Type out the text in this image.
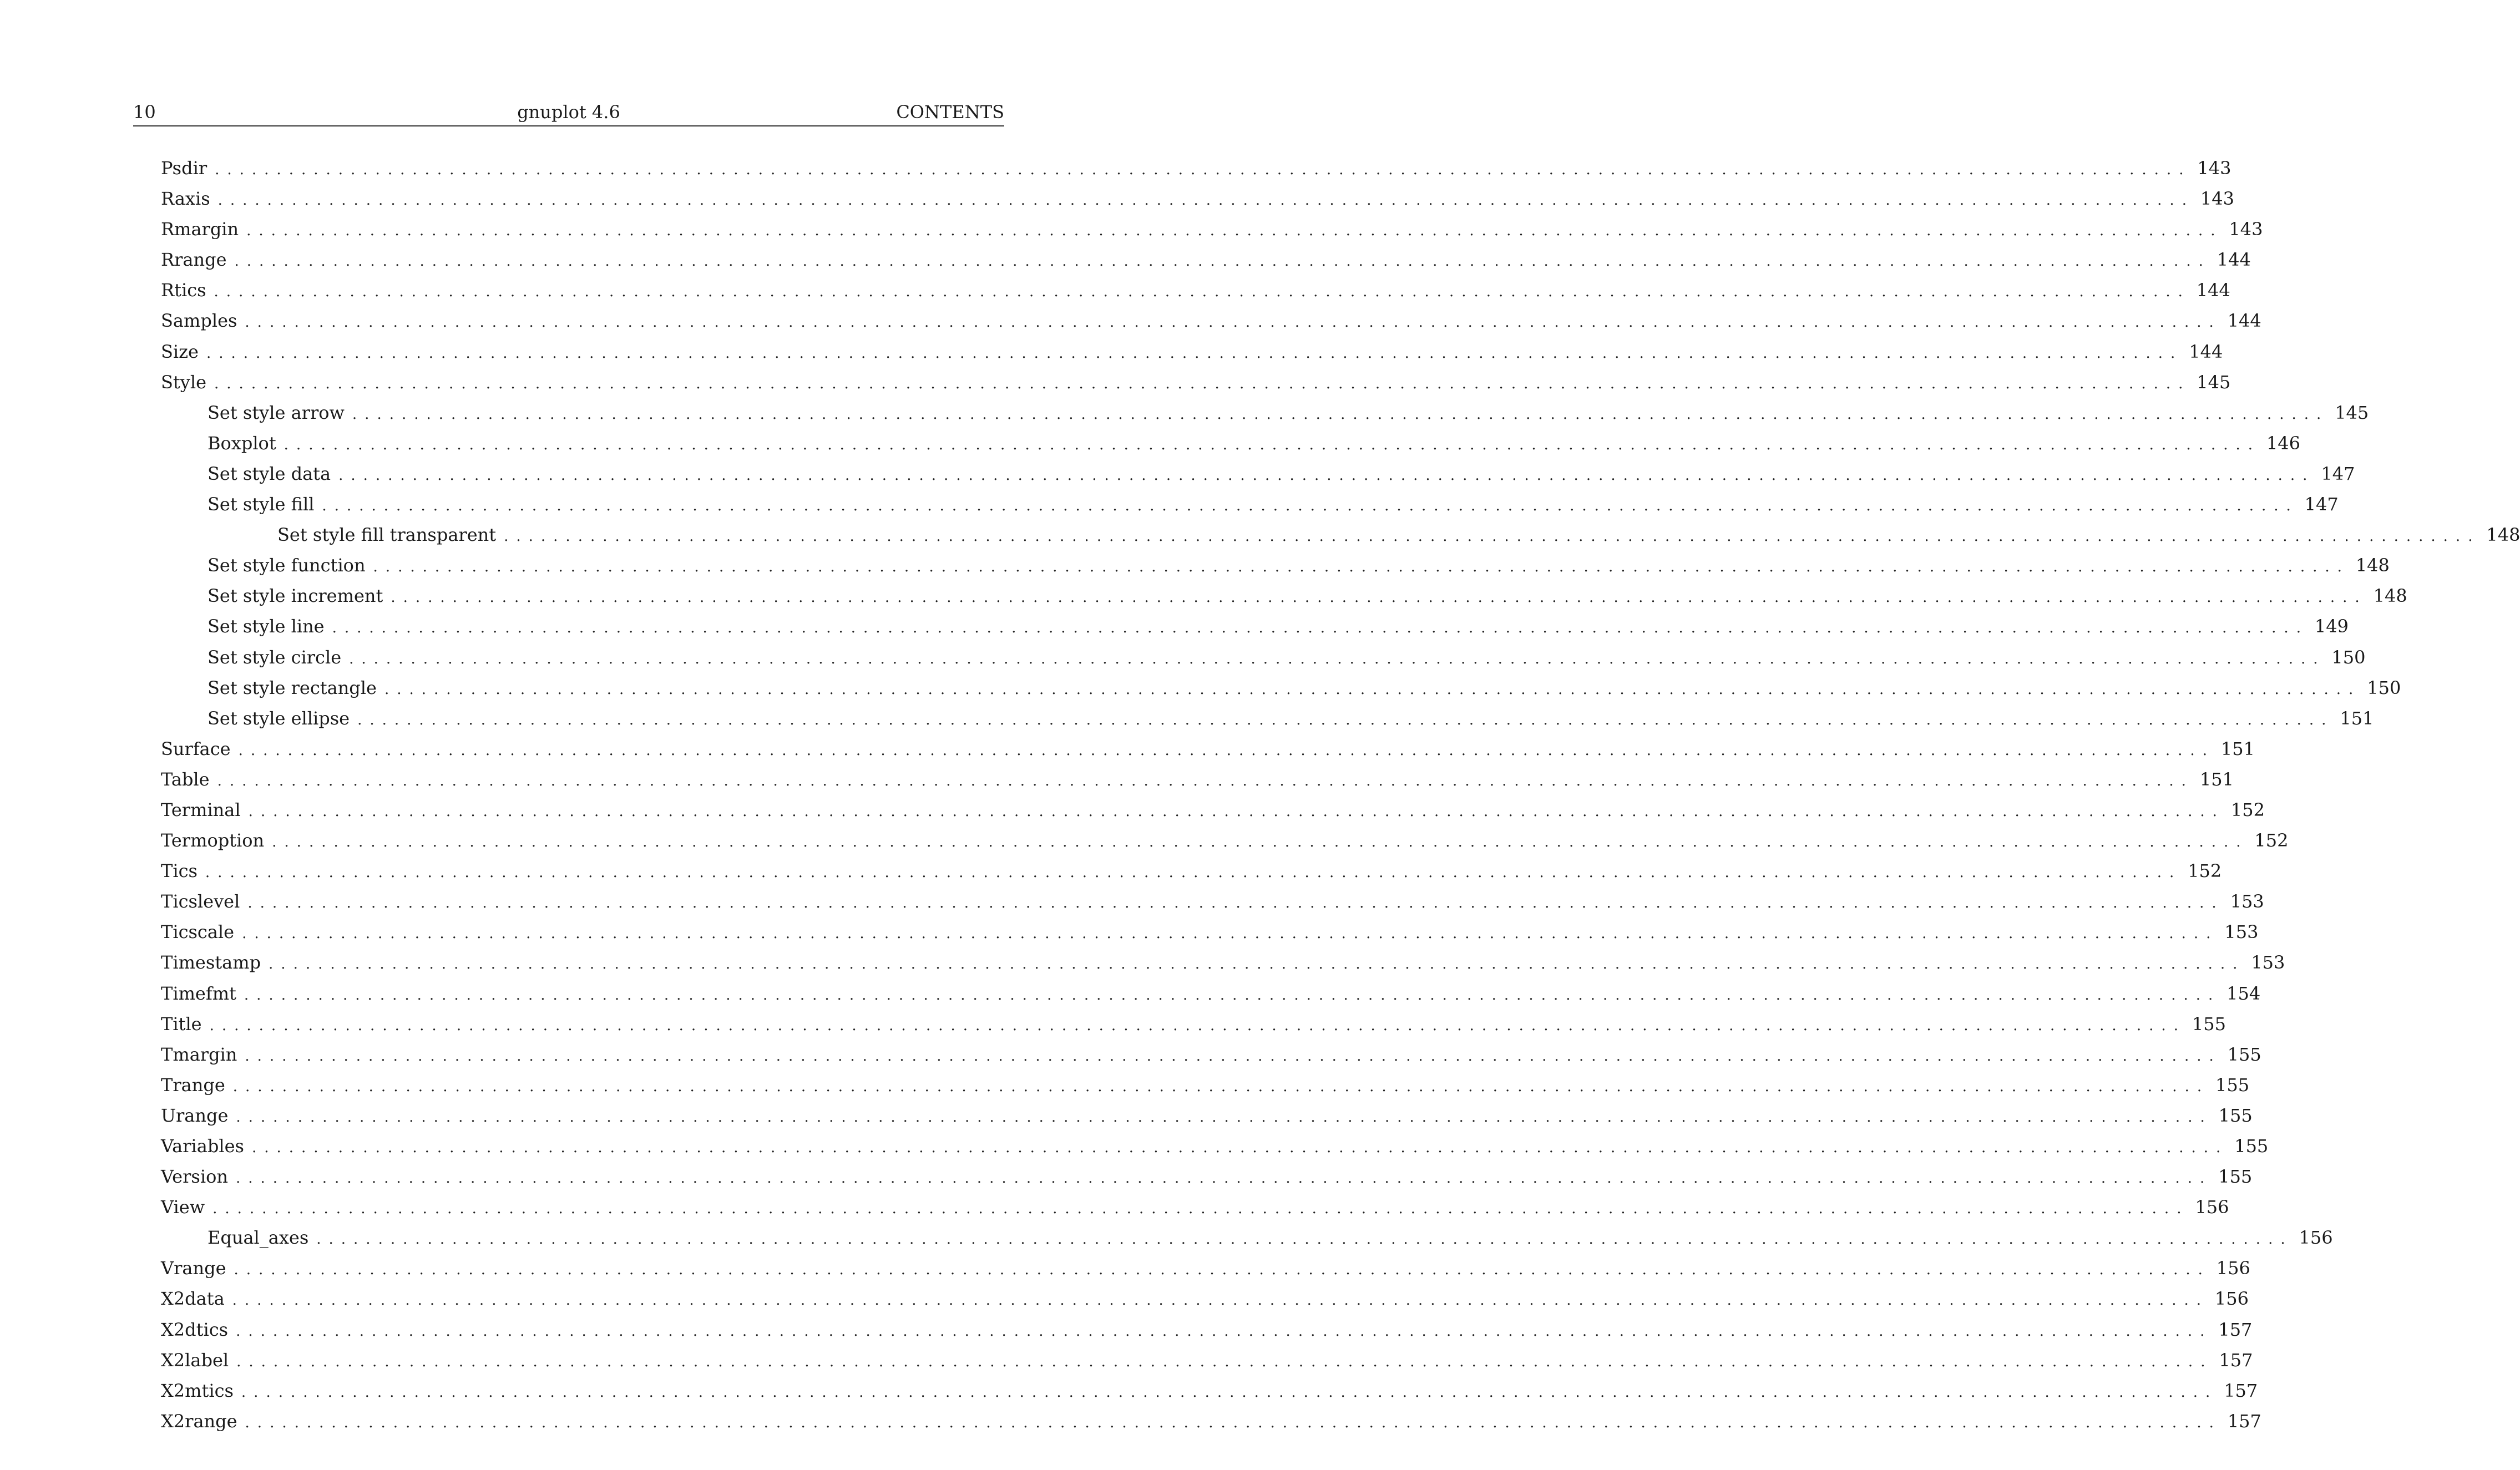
10	gnuplot 4.6	CONTENTS
Psdir ................................................................................................................................................................ 143
Raxis ................................................................................................................................................................ 143
Rmargin ................................................................................................................................................................ 143
Rrange ................................................................................................................................................................ 144
Rtics ................................................................................................................................................................ 144
Samples ................................................................................................................................................................ 144
Size ................................................................................................................................................................ 144
Style ................................................................................................................................................................ 145
Set style arrow ................................................................................................................................................................ 145
Boxplot ................................................................................................................................................................ 146
Set style data ................................................................................................................................................................ 147
Set style fill ................................................................................................................................................................ 147
Set style fill transparent ................................................................................................................................................................ 148
Set style function ................................................................................................................................................................ 148
Set style increment ................................................................................................................................................................ 148
Set style line ................................................................................................................................................................ 149
Set style circle ................................................................................................................................................................ 150
Set style rectangle ................................................................................................................................................................ 150
Set style ellipse ................................................................................................................................................................ 151
Surface ................................................................................................................................................................ 151
Table ................................................................................................................................................................ 151
Terminal ................................................................................................................................................................ 152
Termoption ................................................................................................................................................................ 152
Tics ................................................................................................................................................................ 152
Ticslevel ................................................................................................................................................................ 153
Ticscale ................................................................................................................................................................ 153
Timestamp ................................................................................................................................................................ 153
Timefmt ................................................................................................................................................................ 154
Title ................................................................................................................................................................ 155
Tmargin ................................................................................................................................................................ 155
Trange ................................................................................................................................................................ 155
Urange ................................................................................................................................................................ 155
Variables ................................................................................................................................................................ 155
Version ................................................................................................................................................................ 155
View ................................................................................................................................................................ 156
Equal_axes ................................................................................................................................................................ 156
Vrange ................................................................................................................................................................ 156
X2data ................................................................................................................................................................ 156
X2dtics ................................................................................................................................................................ 157
X2label ................................................................................................................................................................ 157
X2mtics ................................................................................................................................................................ 157
X2range ................................................................................................................................................................ 157
